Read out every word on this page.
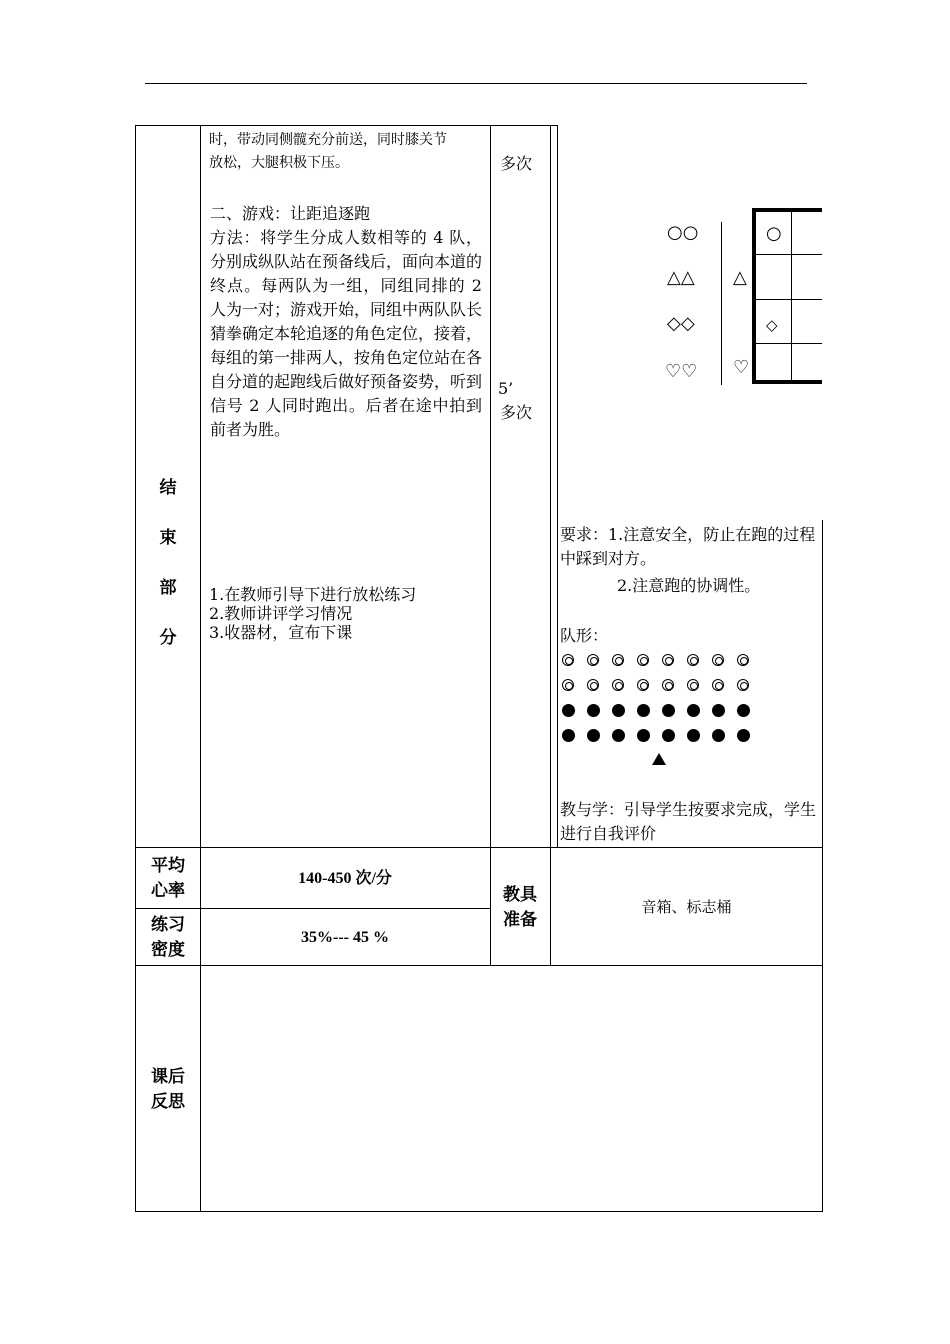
结
束
部
分
时，带动同侧髋充分前送，同时膝关节
放松，大腿积极下压。
二、游戏：让距追逐跑
方法：将学生分成人数相等的 4 队，分别成纵队站在预备线后，面向本道的终点。每两队为一组，同组同排的 2 人为一对；游戏开始，同组中两队队长猜拳确定本轮追逐的角色定位，接着，每组的第一排两人，按角色定位站在各自分道的起跑线后做好预备姿势，听到信号 2 人同时跑出。后者在途中拍到前者为胜。
1.在教师引导下进行放松练习
2.教师讲评学习情况
3.收器材，宣布下课
多次
5’
多次
○○
△△
◇◇
♡♡
△
♡
○
◇
要求：1.注意安全，防止在跑的过程中踩到对方。
2.注意跑的协调性。
队形：
教与学：引导学生按要求完成，学生进行自我评价
平均心率
140-450 次/分
练习密度
35%--- 45 %
教具准备
音箱、标志桶
课后反思
